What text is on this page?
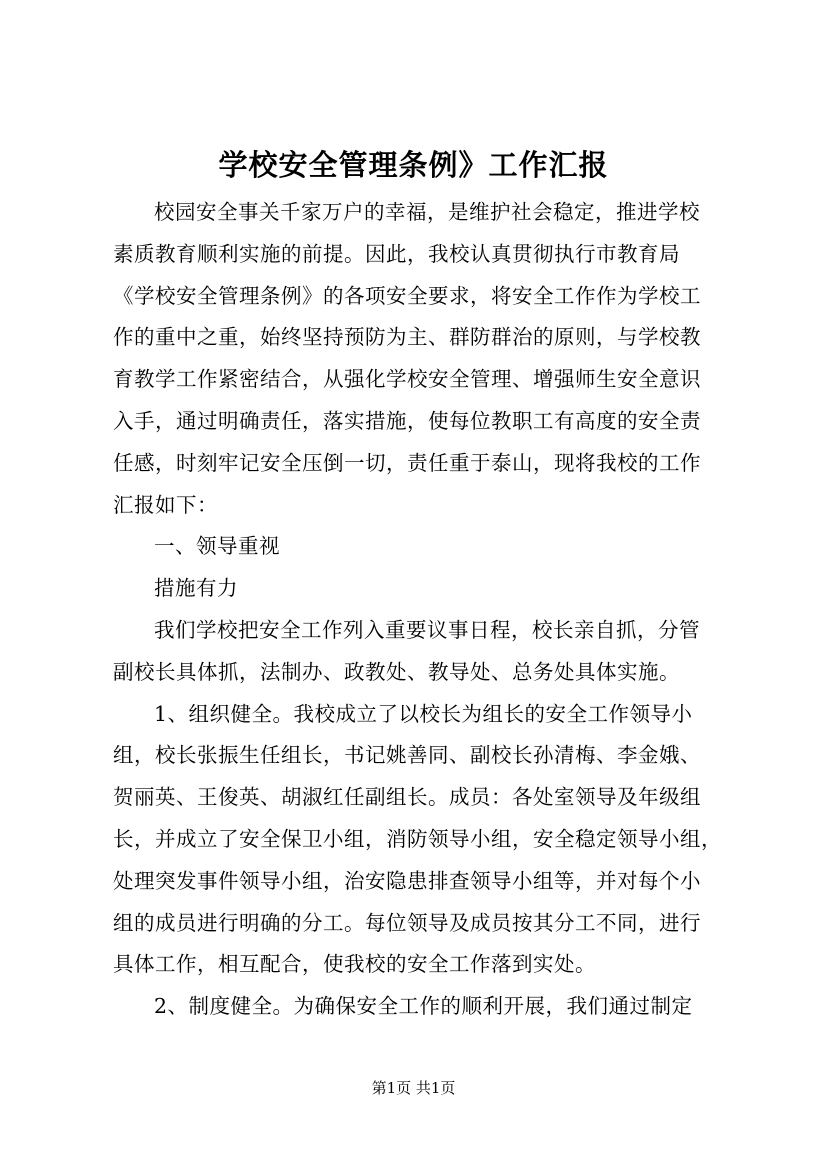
学校安全管理条例》工作汇报
校园安全事关千家万户的幸福，是维护社会稳定，推进学校
素质教育顺利实施的前提。因此，我校认真贯彻执行市教育局
《学校安全管理条例》的各项安全要求，将安全工作作为学校工
作的重中之重，始终坚持预防为主、群防群治的原则，与学校教
育教学工作紧密结合，从强化学校安全管理、增强师生安全意识
入手，通过明确责任，落实措施，使每位教职工有高度的安全责
任感，时刻牢记安全压倒一切，责任重于泰山，现将我校的工作
汇报如下：
一、领导重视
措施有力
我们学校把安全工作列入重要议事日程，校长亲自抓，分管
副校长具体抓，法制办、政教处、教导处、总务处具体实施。
1、组织健全。我校成立了以校长为组长的安全工作领导小
组，校长张振生任组长，书记姚善同、副校长孙清梅、李金娥、
贺丽英、王俊英、胡淑红任副组长。成员：各处室领导及年级组
长，并成立了安全保卫小组，消防领导小组，安全稳定领导小组，
处理突发事件领导小组，治安隐患排查领导小组等，并对每个小
组的成员进行明确的分工。每位领导及成员按其分工不同，进行
具体工作，相互配合，使我校的安全工作落到实处。
2、制度健全。为确保安全工作的顺利开展，我们通过制定
第1页 共1页
